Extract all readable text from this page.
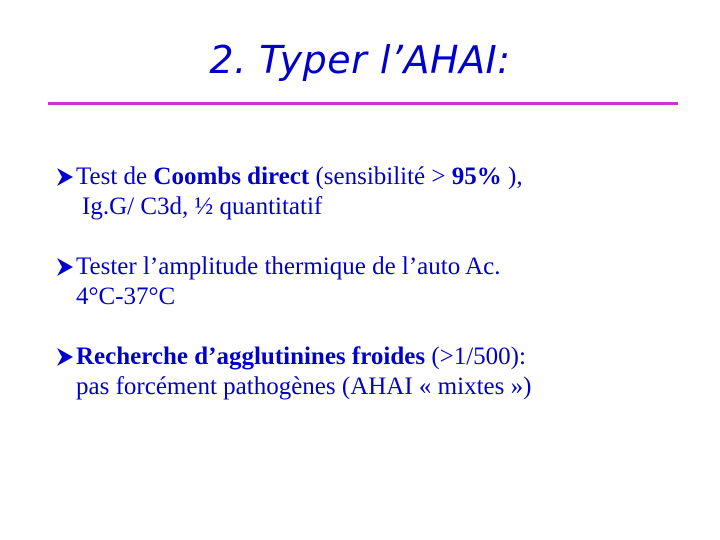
2. Typer l’AHAI:
Test de Coombs direct (sensibilité > 95% ),
Ig.G/ C3d, ½ quantitatif
Tester l’amplitude thermique de l’auto Ac.
4°C-37°C
Recherche d’agglutinines froides (>1/500):
pas forcément pathogènes (AHAI « mixtes »)
